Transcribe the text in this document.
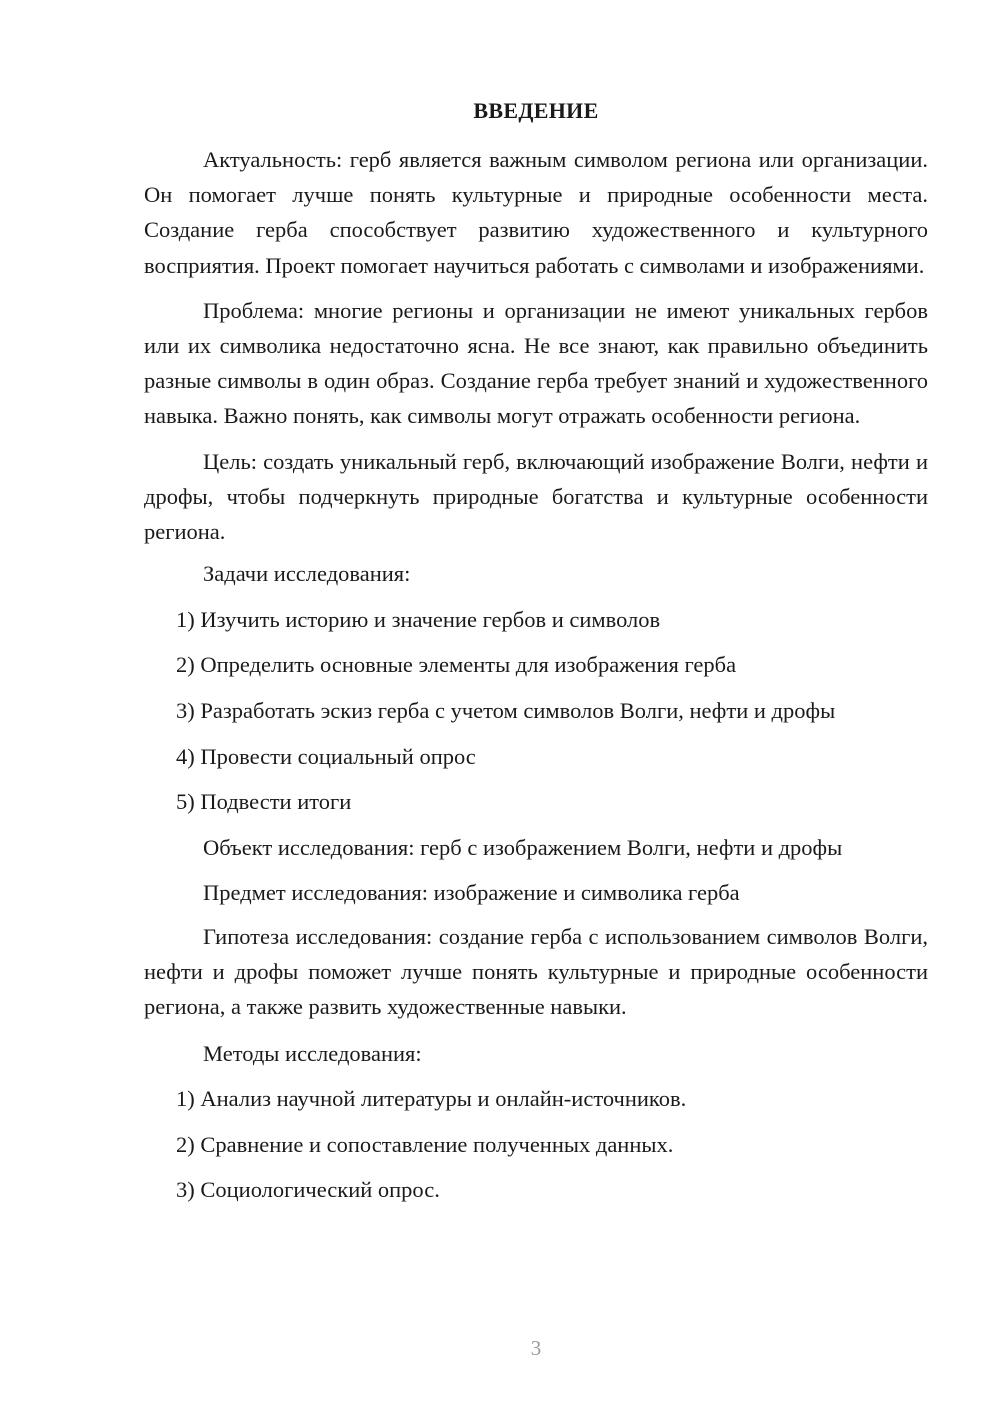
ВВЕДЕНИЕ

Актуальность: герб является важным символом региона или организации. Он помогает лучше понять культурные и природные особенности места. Создание герба способствует развитию художественного и культурного восприятия. Проект помогает научиться работать с символами и изображениями.

Проблема: многие регионы и организации не имеют уникальных гербов или их символика недостаточно ясна. Не все знают, как правильно объединить разные символы в один образ. Создание герба требует знаний и художественного навыка. Важно понять, как символы могут отражать особенности региона.

Цель: создать уникальный герб, включающий изображение Волги, нефти и дрофы, чтобы подчеркнуть природные богатства и культурные особенности региона.

Задачи исследования:
1) Изучить историю и значение гербов и символов
2) Определить основные элементы для изображения герба
3) Разработать эскиз герба с учетом символов Волги, нефти и дрофы
4) Провести социальный опрос
5) Подвести итоги
Объект исследования: герб с изображением Волги, нефти и дрофы
Предмет исследования: изображение и символика герба

Гипотеза исследования: создание герба с использованием символов Волги, нефти и дрофы поможет лучше понять культурные и природные особенности региона, а также развить художественные навыки.

Методы исследования:
1) Анализ научной литературы и онлайн-источников.
2) Сравнение и сопоставление полученных данных.
3) Социологический опрос.
3
